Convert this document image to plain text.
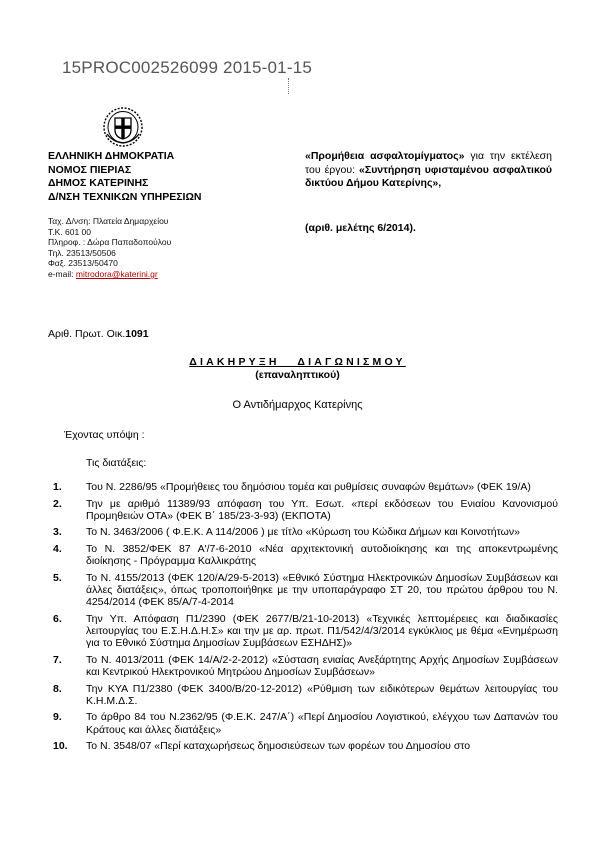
15PROC002526099 2015-01-15
ΕΛΛΗΝΙΚΗ ΔΗΜΟΚΡΑΤΙΑ
ΝΟΜΟΣ ΠΙΕΡΙΑΣ
ΔΗΜΟΣ ΚΑΤΕΡΙΝΗΣ
Δ/ΝΣΗ ΤΕΧΝΙΚΩΝ ΥΠΗΡΕΣΙΩΝ
«Προμήθεια ασφαλτομίγματος» για την εκτέλεση του έργου: «Συντήρηση υφισταμένου ασφαλτικού δικτύου Δήμου Κατερίνης»,
(αριθ. μελέτης 6/2014).
Ταχ. Δ/νση: Πλατεία Δημαρχείου
Τ.Κ. 601 00
Πληροφ. : Δώρα Παπαδοπούλου
Τηλ. 23513/50506
Φαξ. 23513/50470
e-mail: mitrodora@katerini.gr
Αριθ. Πρωτ. Οικ.1091
ΔΙΑΚΗΡΥΞΗ ΔΙΑΓΩΝΙΣΜΟΥ
(επαναληπτικού)
Ο Αντιδήμαρχος Κατερίνης
Έχοντας υπόψη :
Τις διατάξεις:
1.	Του Ν. 2286/95 «Προμήθειες του δημόσιου τομέα και ρυθμίσεις συναφών θεμάτων» (ΦΕΚ 19/Α)
2.	Την με αριθμό 11389/93 απόφαση του Υπ. Εσωτ. «περί εκδόσεων του Ενιαίου Κανονισμού Προμηθειών ΟΤΑ» (ΦΕΚ Β΄ 185/23-3-93) (ΕΚΠΟΤΑ)
3.	Το Ν. 3463/2006 ( Φ.Ε.Κ. Α 114/2006 ) με τίτλο «Κύρωση του Κώδικα Δήμων και Κοινοτήτων»
4.	Το Ν. 3852/ΦΕΚ 87 Α'/7-6-2010 «Νέα αρχιτεκτονική αυτοδιοίκησης και της αποκεντρωμένης διοίκησης - Πρόγραμμα Καλλικράτης
5.	Το Ν. 4155/2013 (ΦΕΚ 120/Α/29-5-2013) «Εθνικό Σύστημα Ηλεκτρονικών Δημοσίων Συμβάσεων και άλλες διατάξεις», όπως τροποποιήθηκε με την υποπαράγραφο ΣΤ 20, του πρώτου άρθρου του Ν. 4254/2014 (ΦΕΚ 85/Α/7-4-2014
6.	Την Υπ. Απόφαση Π1/2390 (ΦΕΚ 2677/Β/21-10-2013) «Τεχνικές λεπτομέρειες και διαδικασίες λειτουργίας του Ε.Σ.Η.Δ.Η.Σ» και την με αρ. πρωτ. Π1/542/4/3/2014 εγκύκλιος με θέμα «Ενημέρωση για το Εθνικό Σύστημα Δημοσίων Συμβάσεων ΕΣΗΔΗΣ)»
7.	Το Ν. 4013/2011 (ΦΕΚ 14/Α/2-2-2012) «Σύσταση ενιαίας Ανεξάρτητης Αρχής Δημοσίων Συμβάσεων και Κεντρικού Ηλεκτρονικού Μητρώου Δημοσίων Συμβάσεων»
8.	Την ΚΥΑ Π1/2380 (ΦΕΚ 3400/Β/20-12-2012) «Ρύθμιση των ειδικότερων θεμάτων λειτουργίας του Κ.Η.Μ.Δ.Σ.
9.	Το άρθρο 84 του Ν.2362/95 (Φ.Ε.Κ. 247/Α΄) «Περί Δημοσίου Λογιστικού, ελέγχου των Δαπανών του Κράτους και άλλες διατάξεις»
10.	Το Ν. 3548/07 «Περί καταχωρήσεως δημοσιεύσεων των φορέων του Δημοσίου στο
